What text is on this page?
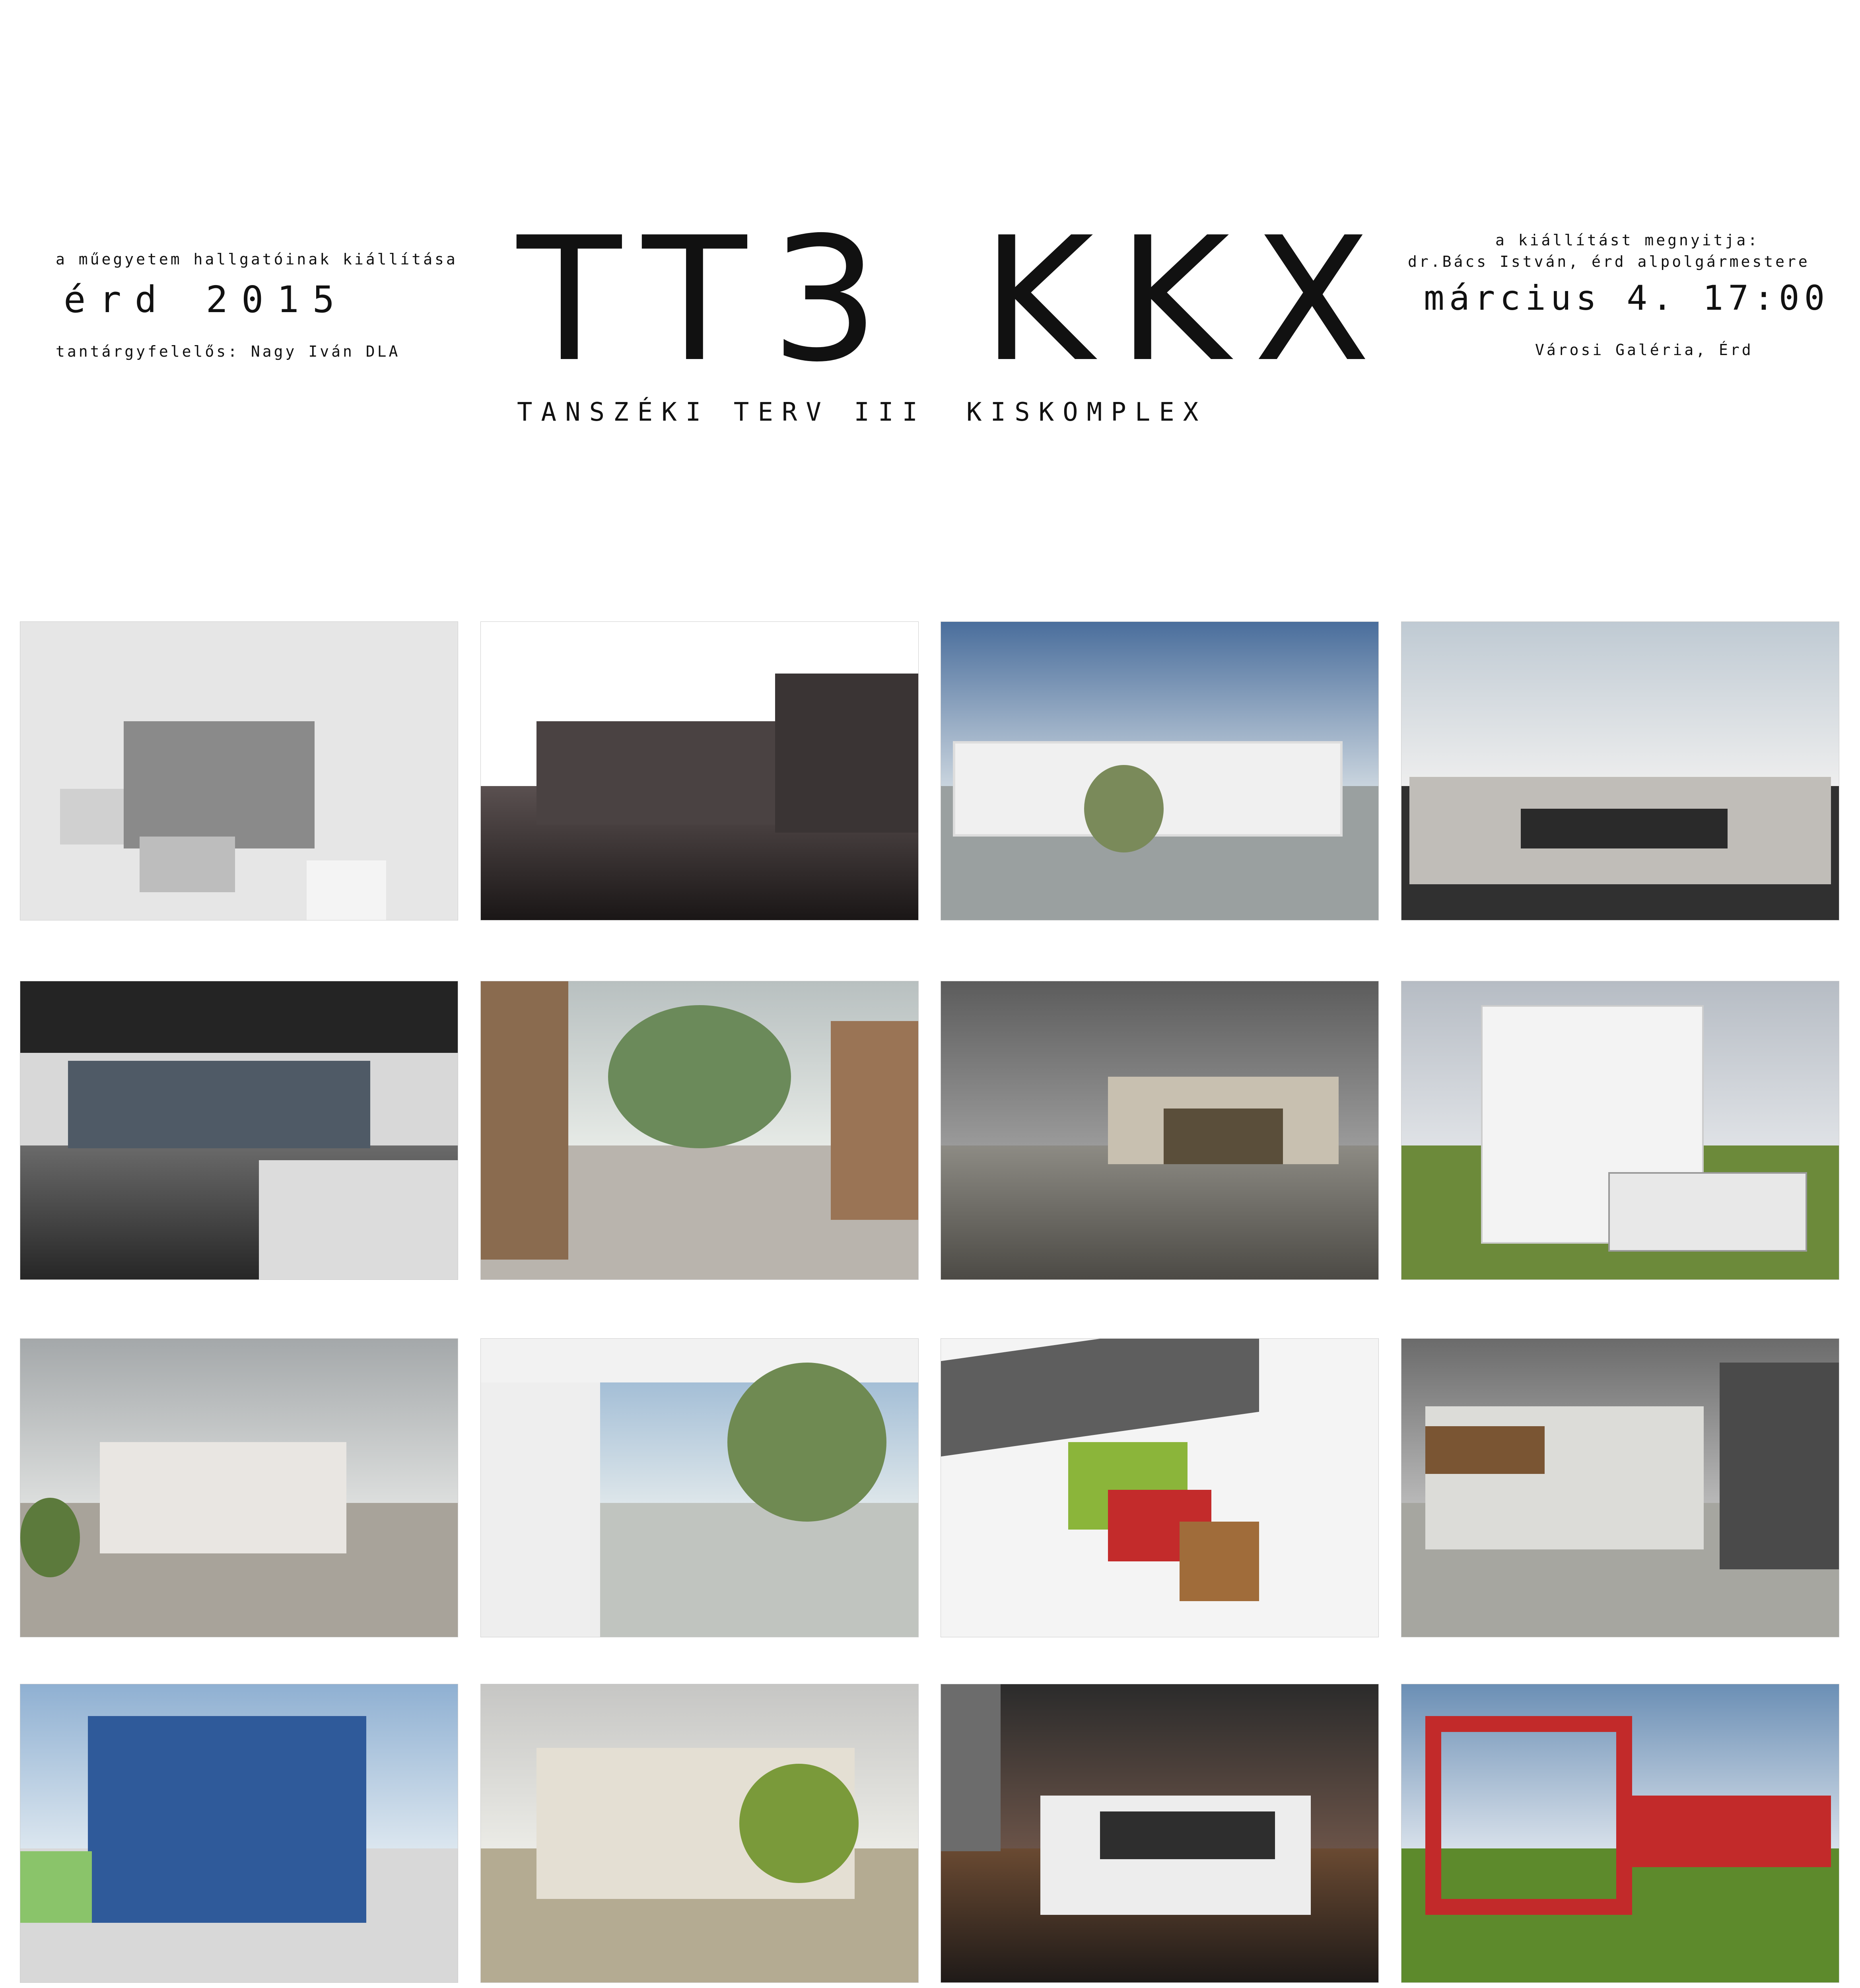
a műegyetem hallgatóinak kiállítása
érd 2015
tantárgyfelelős: Nagy Iván DLA TT3 KKX
TANSZÉKI TERV III KISKOMPLEX
a kiállítást megnyitja:
dr.Bács István, érd alpolgármestere
március 4. 17:00
Városi Galéria, Érd
